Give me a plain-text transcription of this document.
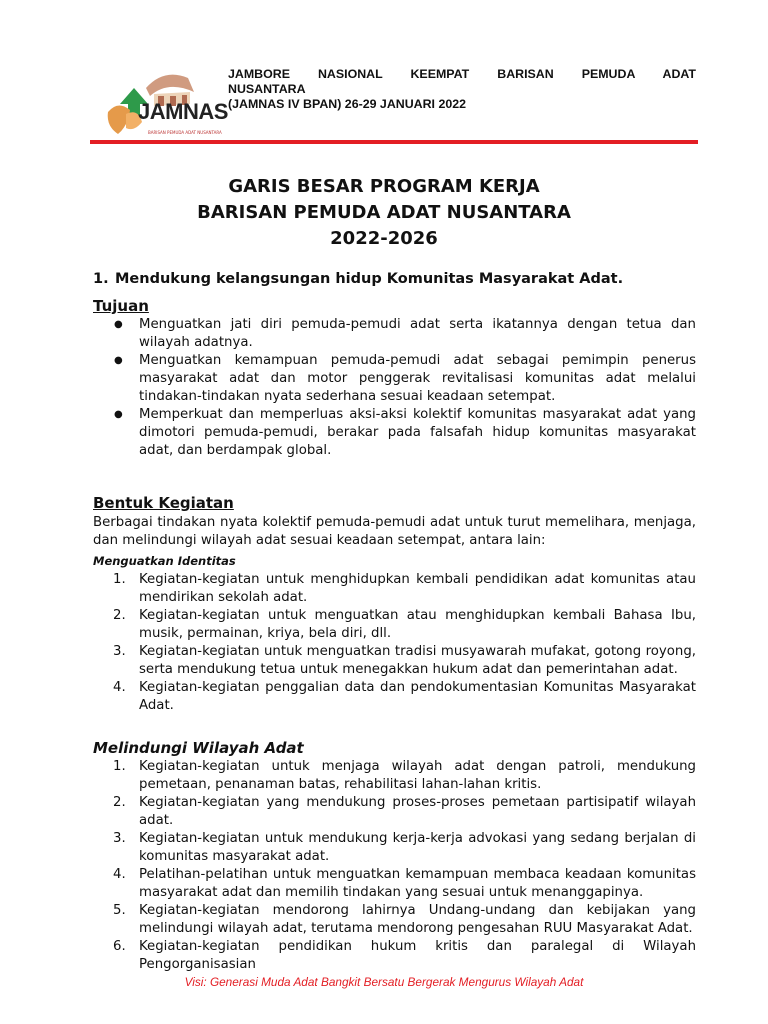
JAMNAS
BARISAN PEMUDA ADAT NUSANTARA
JAMBORE NASIONAL KEEMPAT BARISAN PEMUDA ADAT
NUSANTARA
(JAMNAS IV BPAN) 26-29 JANUARI 2022
GARIS BESAR PROGRAM KERJA
BARISAN PEMUDA ADAT NUSANTARA
2022-2026

1. Mendukung kelangsungan hidup Komunitas Masyarakat Adat.

Tujuan

● Menguatkan jati diri pemuda-pemudi adat serta ikatannya dengan tetua dan wilayah adatnya.
● Menguatkan kemampuan pemuda-pemudi adat sebagai pemimpin penerus masyarakat adat dan motor penggerak revitalisasi komunitas adat melalui tindakan-tindakan nyata sederhana sesuai keadaan setempat.
● Memperkuat dan memperluas aksi-aksi kolektif komunitas masyarakat adat yang dimotori pemuda-pemudi, berakar pada falsafah hidup komunitas masyarakat adat, dan berdampak global.

Bentuk Kegiatan

Berbagai tindakan nyata kolektif pemuda-pemudi adat untuk turut memelihara, menjaga, dan melindungi wilayah adat sesuai keadaan setempat, antara lain:

Menguatkan Identitas

1. Kegiatan-kegiatan untuk menghidupkan kembali pendidikan adat komunitas atau mendirikan sekolah adat.
2. Kegiatan-kegiatan untuk menguatkan atau menghidupkan kembali Bahasa Ibu, musik, permainan, kriya, bela diri, dll.
3. Kegiatan-kegiatan untuk menguatkan tradisi musyawarah mufakat, gotong royong, serta mendukung tetua untuk menegakkan hukum adat dan pemerintahan adat.
4. Kegiatan-kegiatan penggalian data dan pendokumentasian Komunitas Masyarakat Adat.

Melindungi Wilayah Adat

1. Kegiatan-kegiatan untuk menjaga wilayah adat dengan patroli, mendukung pemetaan, penanaman batas, rehabilitasi lahan-lahan kritis.
2. Kegiatan-kegiatan yang mendukung proses-proses pemetaan partisipatif wilayah adat.
3. Kegiatan-kegiatan untuk mendukung kerja-kerja advokasi yang sedang berjalan di komunitas masyarakat adat.
4. Pelatihan-pelatihan untuk menguatkan kemampuan membaca keadaan komunitas masyarakat adat dan memilih tindakan yang sesuai untuk menanggapinya.
5. Kegiatan-kegiatan mendorong lahirnya Undang-undang dan kebijakan yang melindungi wilayah adat, terutama mendorong pengesahan RUU Masyarakat Adat.
6. Kegiatan-kegiatan pendidikan hukum kritis dan paralegal di Wilayah Pengorganisasian
Visi: Generasi Muda Adat Bangkit Bersatu Bergerak Mengurus Wilayah Adat
